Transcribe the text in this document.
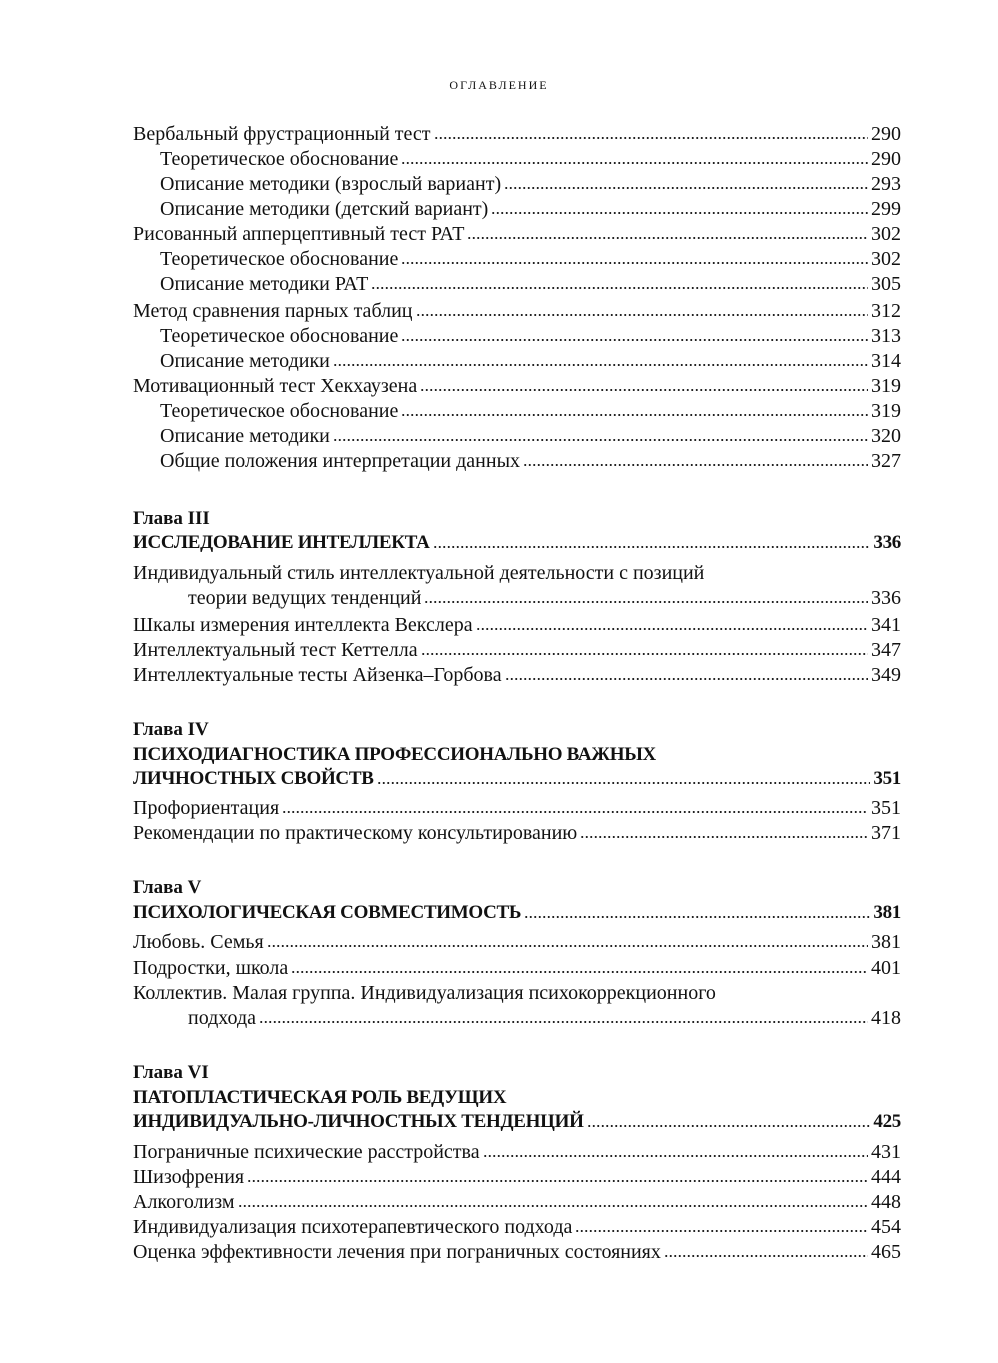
ОГЛАВЛЕНИЕ
Вербальный фрустрационный тест	290
Теоретическое обоснование	290
Описание методики (взрослый вариант)	293
Описание методики (детский вариант)	299
Рисованный апперцептивный тест РАТ	302
Теоретическое обоснование	302
Описание методики РАТ	305
Метод сравнения парных таблиц	312
Теоретическое обоснование	313
Описание методики	314
Мотивационный тест Хекхаузена	319
Теоретическое обоснование	319
Описание методики	320
Общие положения интерпретации данных	327
Глава III
ИССЛЕДОВАНИЕ ИНТЕЛЛЕКТА	336
Индивидуальный стиль интеллектуальной деятельности с позиций
теории ведущих тенденций	336
Шкалы измерения интеллекта Векслера	341
Интеллектуальный тест Кеттелла	347
Интеллектуальные тесты Айзенка–Горбова	349
Глава IV
ПСИХОДИАГНОСТИКА ПРОФЕССИОНАЛЬНО ВАЖНЫХ
ЛИЧНОСТНЫХ СВОЙСТВ	351
Профориентация	351
Рекомендации по практическому консультированию	371
Глава V
ПСИХОЛОГИЧЕСКАЯ СОВМЕСТИМОСТЬ	381
Любовь. Семья	381
Подростки, школа	401
Коллектив. Малая группа. Индивидуализация психокоррекционного
подхода	418
Глава VI
ПАТОПЛАСТИЧЕСКАЯ РОЛЬ ВЕДУЩИХ
ИНДИВИДУАЛЬНО-ЛИЧНОСТНЫХ ТЕНДЕНЦИЙ	425
Пограничные психические расстройства	431
Шизофрения	444
Алкоголизм	448
Индивидуализация психотерапевтического подхода	454
Оценка эффективности лечения при пограничных состояниях	465
